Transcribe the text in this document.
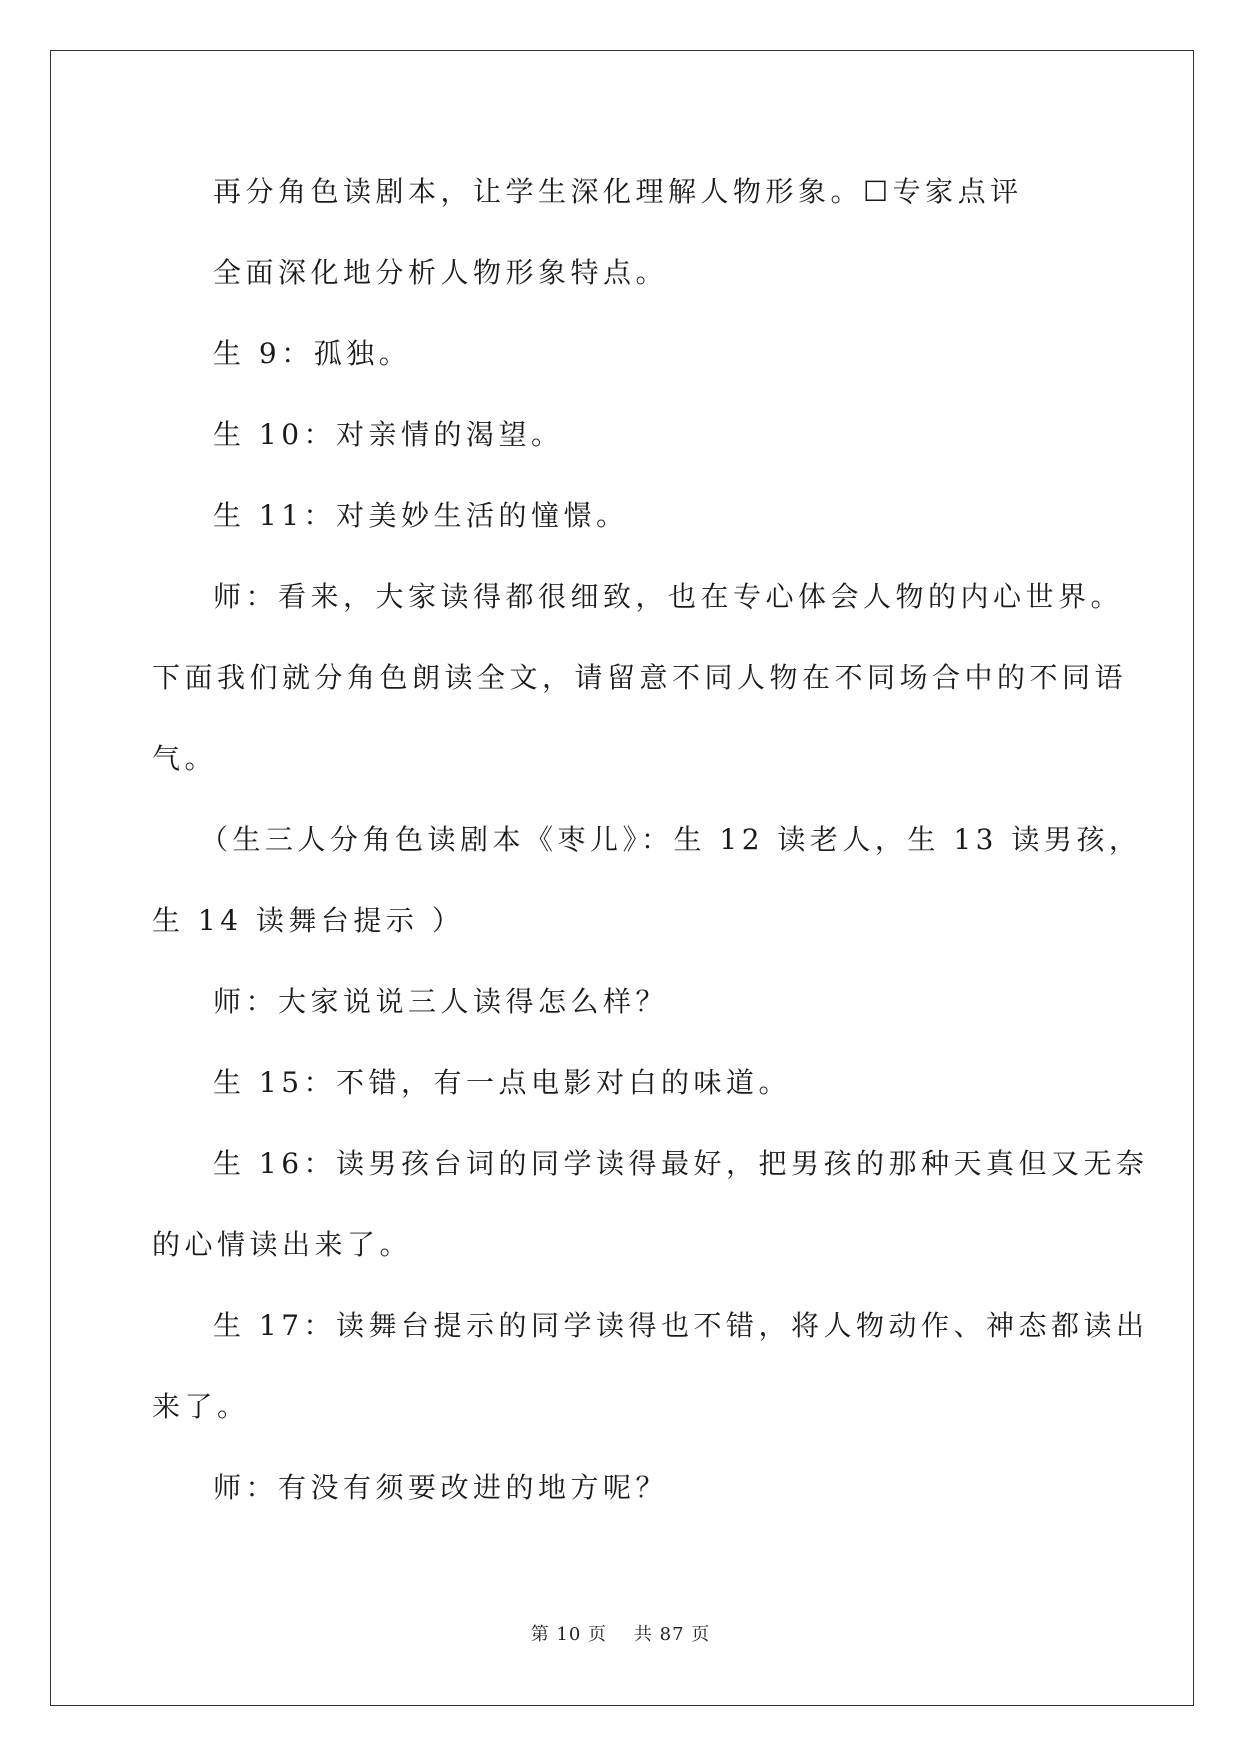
再分角色读剧本，让学生深化理解人物形象。☐专家点评
全面深化地分析人物形象特点。
生 9：孤独。
生 10：对亲情的渴望。
生 11：对美妙生活的憧憬。
师：看来，大家读得都很细致，也在专心体会人物的内心世界。
下面我们就分角色朗读全文，请留意不同人物在不同场合中的不同语
气。
（生三人分角色读剧本《枣儿》：生 12 读老人，生 13 读男孩，
生 14 读舞台提示 ）
师：大家说说三人读得怎么样？
生 15：不错，有一点电影对白的味道。
生 16：读男孩台词的同学读得最好，把男孩的那种天真但又无奈
的心情读出来了。
生 17：读舞台提示的同学读得也不错，将人物动作、神态都读出
来了。
师：有没有须要改进的地方呢？
第 10 页    共 87 页
